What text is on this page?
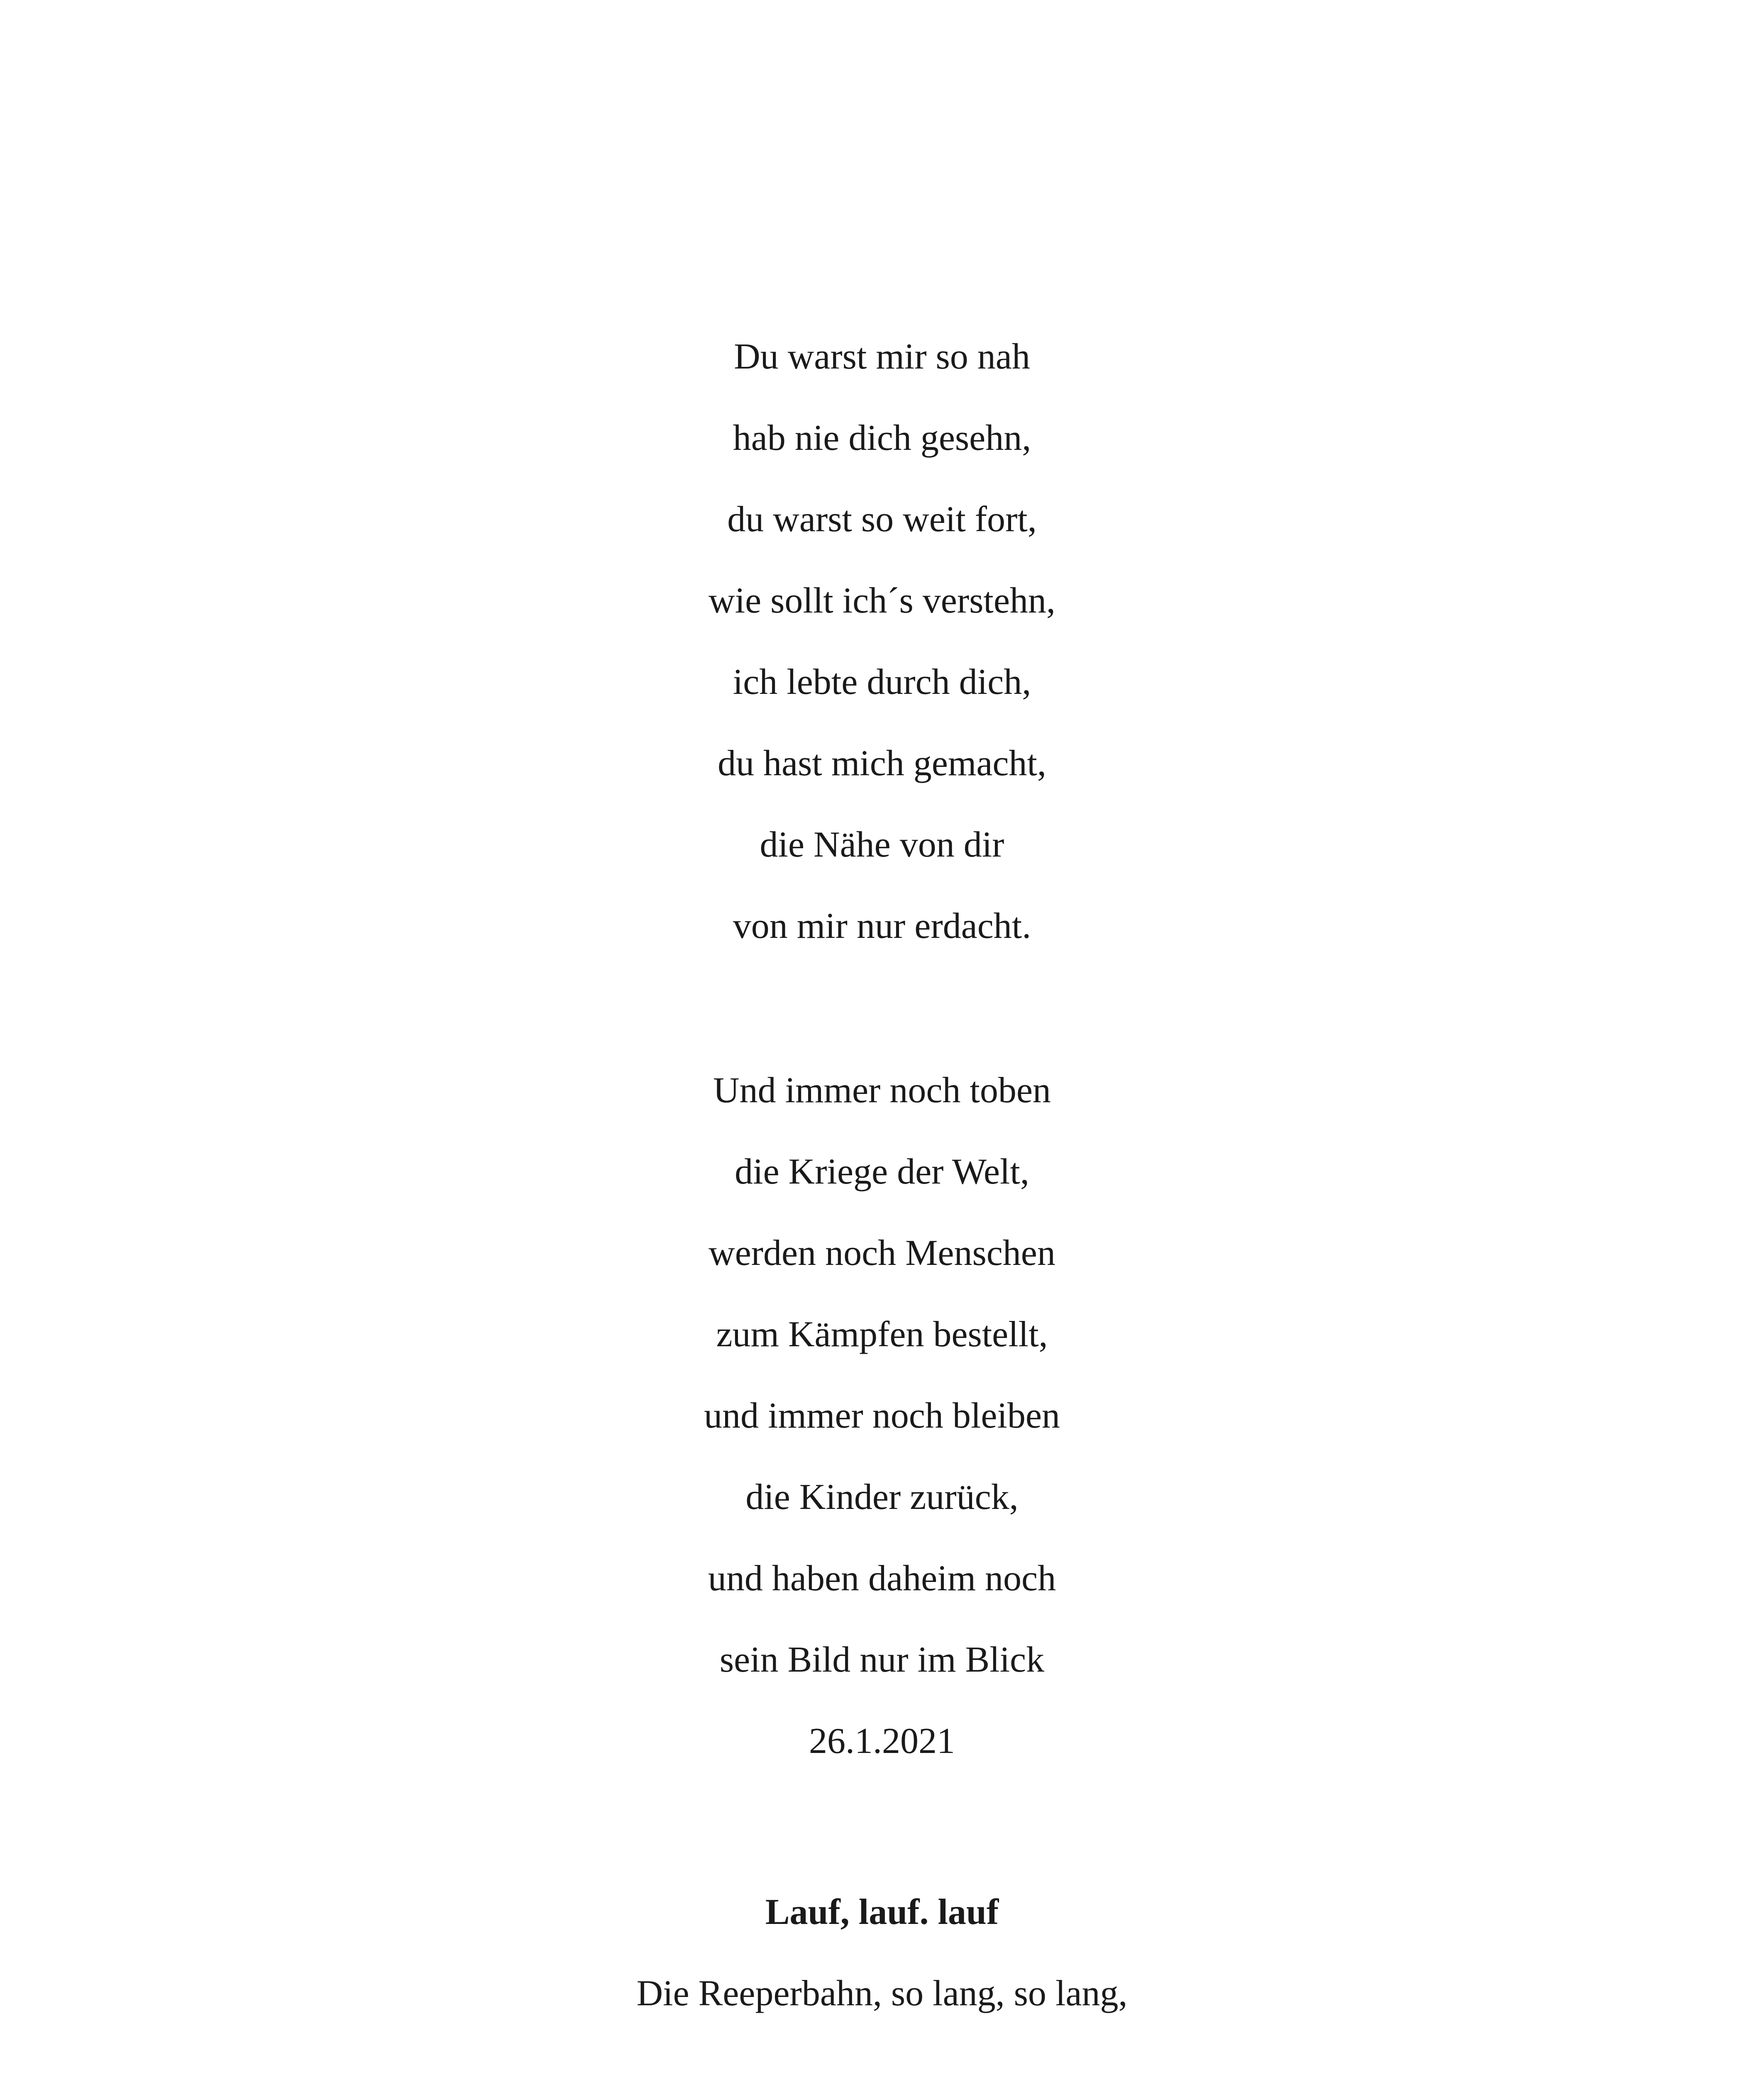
Du warst mir so nah
hab nie dich gesehn,
du warst so weit fort,
wie sollt ich´s verstehn,
ich lebte durch dich,
du hast mich gemacht,
die Nähe von dir
von mir nur erdacht.
Und immer noch toben
die Kriege der Welt,
werden noch Menschen
zum Kämpfen bestellt,
und immer noch bleiben
die Kinder zurück,
und haben daheim noch
sein Bild nur im Blick
26.1.2021
Lauf, lauf. lauf
Die Reeperbahn, so lang, so lang,
